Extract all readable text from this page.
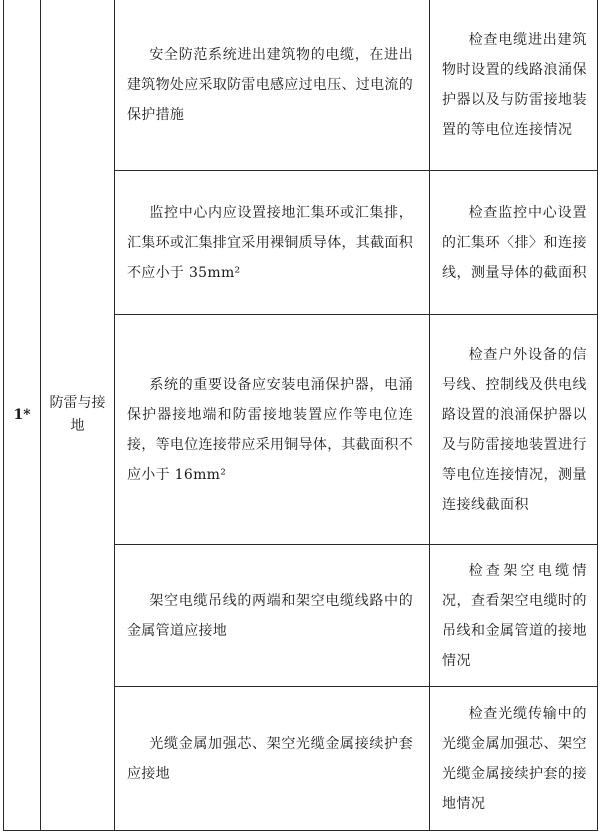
1*	防雷与接地	安全防范系统进出建筑物的电缆，在进出建筑物处应采取防雷电感应过电压、过电流的保护措施	检查电缆进出建筑物时设置的线路浪涌保护器以及与防雷接地装置的等电位连接情况

		监控中心内应设置接地汇集环或汇集排，汇集环或汇集排宜采用裸铜质导体，其截面积不应小于 35mm²	检查监控中心设置的汇集环〈排〉和连接线，测量导体的截面积

		系统的重要设备应安装电涌保护器，电涌保护器接地端和防雷接地装置应作等电位连接，等电位连接带应采用铜导体，其截面积不应小于 16mm²	检查户外设备的信号线、控制线及供电线路设置的浪涌保护器以及与防雷接地装置进行等电位连接情况，测量连接线截面积

		架空电缆吊线的两端和架空电缆线路中的金属管道应接地	检查架空电缆情况，查看架空电缆时的吊线和金属管道的接地情况

		光缆金属加强芯、架空光缆金属接续护套应接地	检查光缆传输中的光缆金属加强芯、架空光缆金属接续护套的接地情况
